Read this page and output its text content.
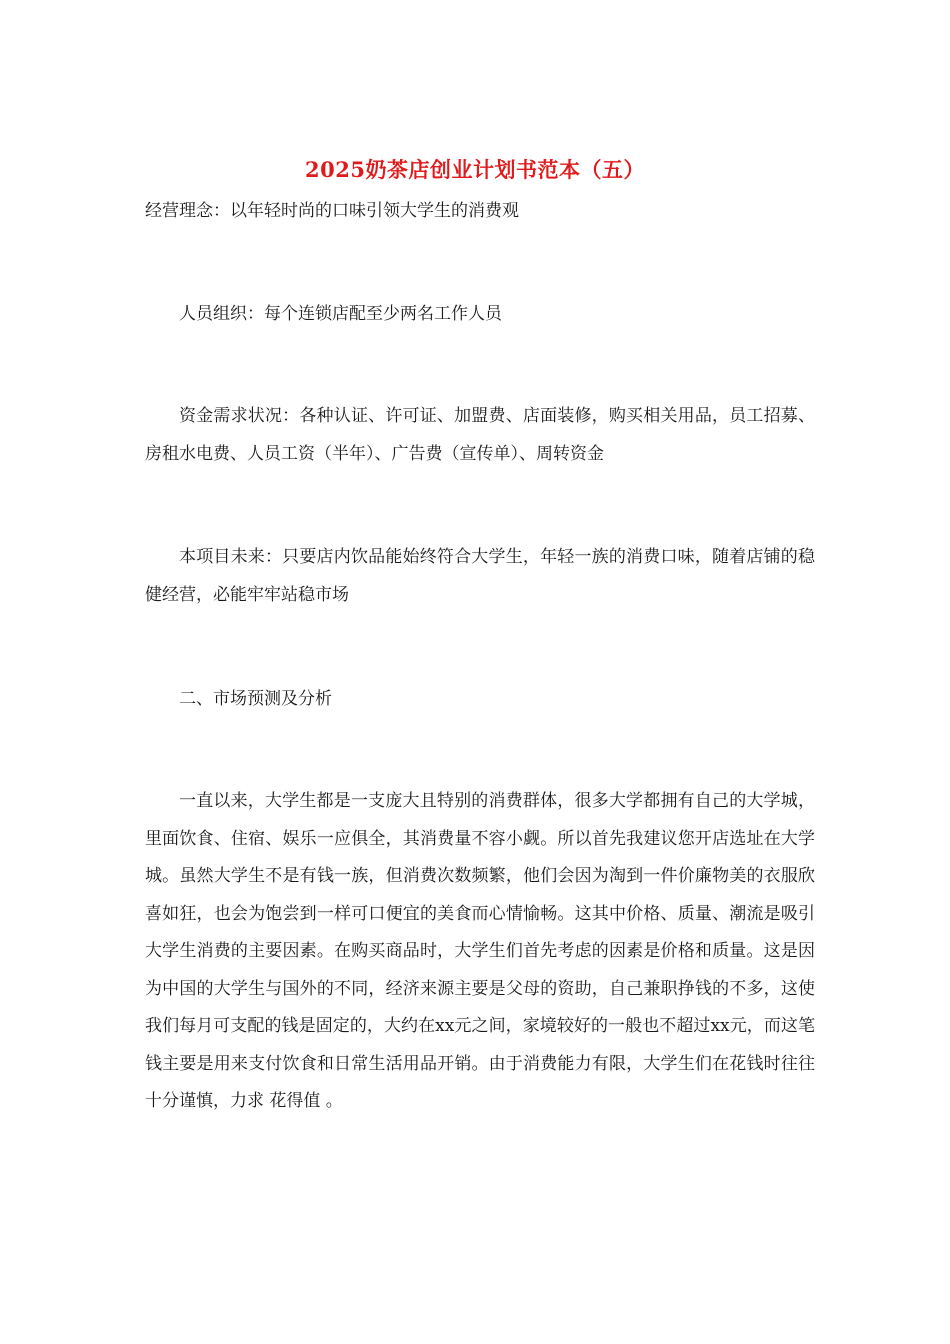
2025奶茶店创业计划书范本（五）

经营理念：以年轻时尚的口味引领大学生的消费观

人员组织：每个连锁店配至少两名工作人员

资金需求状况：各种认证、许可证、加盟费、店面装修，购买相关用品，员工招募、房租水电费、人员工资（半年）、广告费（宣传单）、周转资金

本项目未来：只要店内饮品能始终符合大学生，年轻一族的消费口味，随着店铺的稳健经营，必能牢牢站稳市场

二、市场预测及分析

一直以来，大学生都是一支庞大且特别的消费群体，很多大学都拥有自己的大学城，里面饮食、住宿、娱乐一应俱全，其消费量不容小觑。所以首先我建议您开店选址在大学城。虽然大学生不是有钱一族，但消费次数频繁，他们会因为淘到一件价廉物美的衣服欣喜如狂，也会为饱尝到一样可口便宜的美食而心情愉畅。这其中价格、质量、潮流是吸引大学生消费的主要因素。在购买商品时，大学生们首先考虑的因素是价格和质量。这是因为中国的大学生与国外的不同，经济来源主要是父母的资助，自己兼职挣钱的不多，这使我们每月可支配的钱是固定的，大约在xx元之间，家境较好的一般也不超过xx元，而这笔钱主要是用来支付饮食和日常生活用品开销。由于消费能力有限，大学生们在花钱时往往十分谨慎，力求 花得值 。
